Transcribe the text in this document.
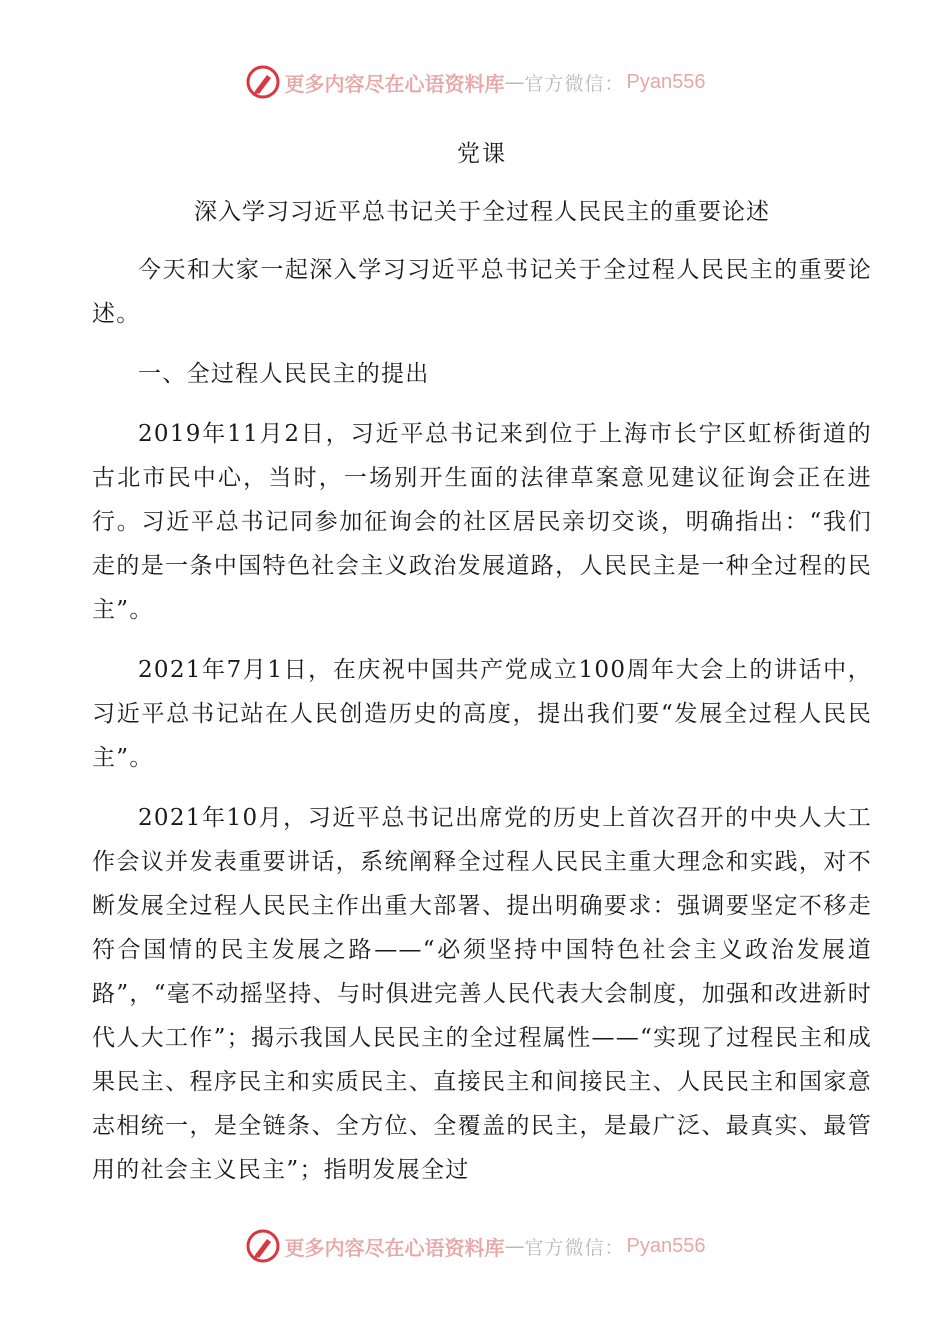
更多内容尽在心语资料库 — 官方微信： Pyan556
党课
深入学习习近平总书记关于全过程人民民主的重要论述

今天和大家一起深入学习习近平总书记关于全过程人民民主的重要论述。

一、全过程人民民主的提出

2019年11月2日，习近平总书记来到位于上海市长宁区虹桥街道的古北市民中心，当时，一场别开生面的法律草案意见建议征询会正在进行。习近平总书记同参加征询会的社区居民亲切交谈，明确指出：“我们走的是一条中国特色社会主义政治发展道路，人民民主是一种全过程的民主”。

2021年7月1日，在庆祝中国共产党成立100周年大会上的讲话中，习近平总书记站在人民创造历史的高度，提出我们要“发展全过程人民民主”。

2021年10月，习近平总书记出席党的历史上首次召开的中央人大工作会议并发表重要讲话，系统阐释全过程人民民主重大理念和实践，对不断发展全过程人民民主作出重大部署、提出明确要求：强调要坚定不移走符合国情的民主发展之路——“必须坚持中国特色社会主义政治发展道路”，“毫不动摇坚持、与时俱进完善人民代表大会制度，加强和改进新时代人大工作”；揭示我国人民民主的全过程属性——“实现了过程民主和成果民主、程序民主和实质民主、直接民主和间接民主、人民民主和国家意志相统一，是全链条、全方位、全覆盖的民主，是最广泛、最真实、最管用的社会主义民主”；指明发展全过

更多内容尽在心语资料库 — 官方微信： Pyan556
